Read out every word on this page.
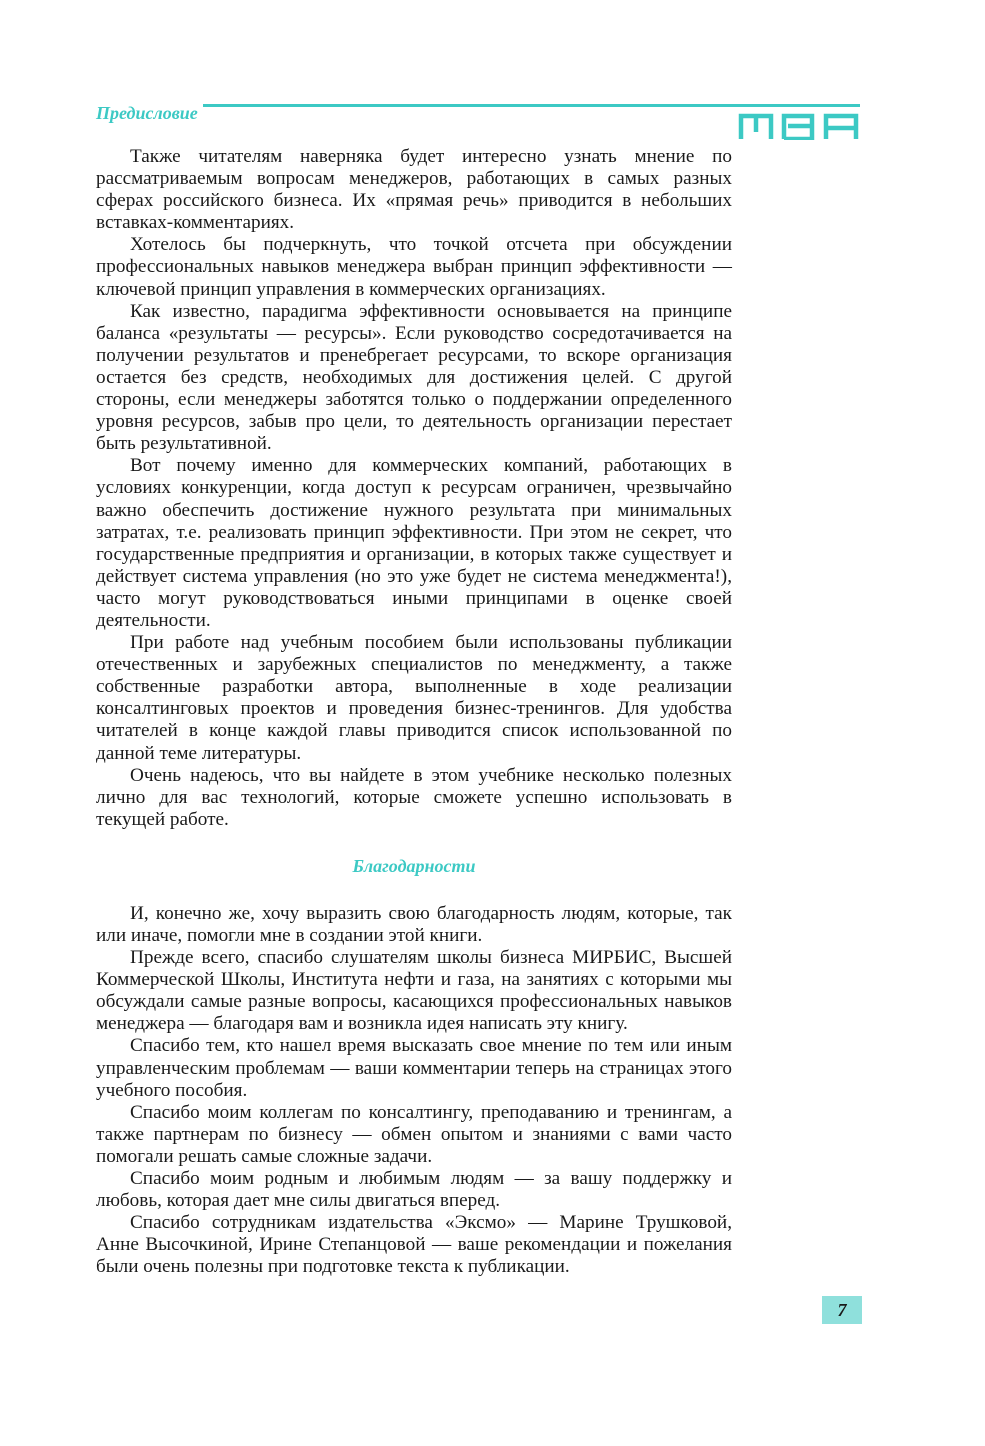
Предисловие	MBA

Также читателям наверняка будет интересно узнать мнение по рассматриваемым вопросам менеджеров, работающих в самых разных сферах российского бизнеса. Их «прямая речь» приводится в небольших вставках-комментариях.

Хотелось бы подчеркнуть, что точкой отсчета при обсуждении профессиональных навыков менеджера выбран принцип эффективности — ключевой принцип управления в коммерческих организациях.

Как известно, парадигма эффективности основывается на принципе баланса «результаты — ресурсы». Если руководство сосредотачивается на получении результатов и пренебрегает ресурсами, то вскоре организация остается без средств, необходимых для достижения целей. С другой стороны, если менеджеры заботятся только о поддержании определенного уровня ресурсов, забыв про цели, то деятельность организации перестает быть результативной.

Вот почему именно для коммерческих компаний, работающих в условиях конкуренции, когда доступ к ресурсам ограничен, чрезвычайно важно обеспечить достижение нужного результата при минимальных затратах, т.е. реализовать принцип эффективности. При этом не секрет, что государственные предприятия и организации, в которых также существует и действует система управления (но это уже будет не система менеджмента!), часто могут руководствоваться иными принципами в оценке своей деятельности.

При работе над учебным пособием были использованы публикации отечественных и зарубежных специалистов по менеджменту, а также собственные разработки автора, выполненные в ходе реализации консалтинговых проектов и проведения бизнес-тренингов. Для удобства читателей в конце каждой главы приводится список использованной по данной теме литературы.

Очень надеюсь, что вы найдете в этом учебнике несколько полезных лично для вас технологий, которые сможете успешно использовать в текущей работе.

Благодарности

И, конечно же, хочу выразить свою благодарность людям, которые, так или иначе, помогли мне в создании этой книги.

Прежде всего, спасибо слушателям школы бизнеса МИРБИС, Высшей Коммерческой Школы, Института нефти и газа, на занятиях с которыми мы обсуждали самые разные вопросы, касающихся профессиональных навыков менеджера — благодаря вам и возникла идея написать эту книгу.

Спасибо тем, кто нашел время высказать свое мнение по тем или иным управленческим проблемам — ваши комментарии теперь на страницах этого учебного пособия.

Спасибо моим коллегам по консалтингу, преподаванию и тренингам, а также партнерам по бизнесу — обмен опытом и знаниями с вами часто помогали решать самые сложные задачи.

Спасибо моим родным и любимым людям — за вашу поддержку и любовь, которая дает мне силы двигаться вперед.

Спасибо сотрудникам издательства «Эксмо» — Марине Трушковой, Анне Высочкиной, Ирине Степанцовой — ваше рекомендации и пожелания были очень полезны при подготовке текста к публикации.

7
